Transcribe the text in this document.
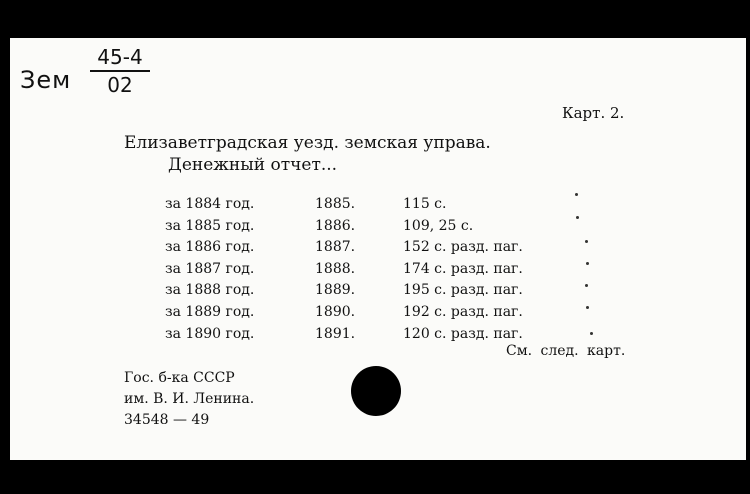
Зем
45-4
02
Карт. 2.
Елизаветградская уезд. земская управа.
Денежный отчет...
за 1884 год.	1885.	115 с.
за 1885 год.	1886.	109, 25 с.
за 1886 год.	1887.	152 с. разд. паг.
за 1887 год.	1888.	174 с. разд. паг.
за 1888 год.	1889.	195 с. разд. паг.
за 1889 год.	1890.	192 с. разд. паг.
за 1890 год.	1891.	120 с. разд. паг.
См. след. карт.
Гос. б-ка СССР
им. В. И. Ленина.
34548 — 49
